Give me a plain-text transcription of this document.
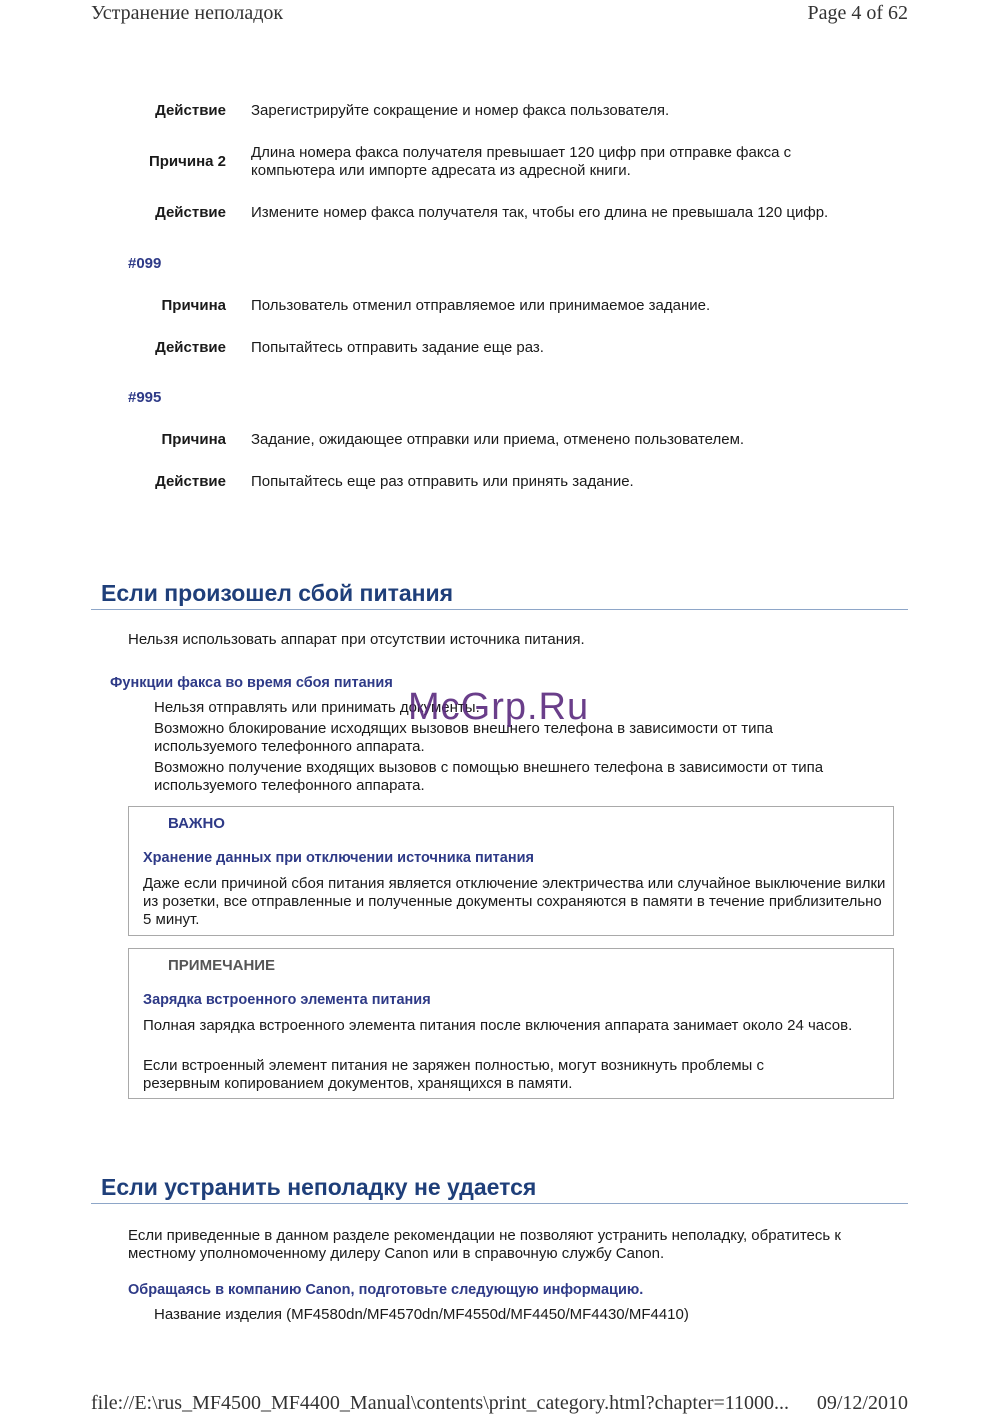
Устранение неполадок	Page 4 of 62
Действие Зарегистрируйте сокращение и номер факса пользователя.
Причина 2
Длина номера факса получателя превышает 120 цифр при отправке факса с компьютера или импорте адресата из адресной книги.
Действие Измените номер факса получателя так, чтобы его длина не превышала 120 цифр.
#099
Причина Пользователь отменил отправляемое или принимаемое задание.
Действие Попытайтесь отправить задание еще раз.
#995
Причина Задание, ожидающее отправки или приема, отменено пользователем.
Действие Попытайтесь еще раз отправить или принять задание.
Если произошел сбой питания
Нельзя использовать аппарат при отсутствии источника питания.
Функции факса во время сбоя питания
Нельзя отправлять или принимать документы.
Возможно блокирование исходящих вызовов внешнего телефона в зависимости от типа используемого телефонного аппарата.
Возможно получение входящих вызовов с помощью внешнего телефона в зависимости от типа используемого телефонного аппарата.
McGrp.Ru
ВАЖНО
Хранение данных при отключении источника питания
Даже если причиной сбоя питания является отключение электричества или случайное выключение вилки из розетки, все отправленные и полученные документы сохраняются в памяти в течение приблизительно 5 минут.
ПРИМЕЧАНИЕ
Зарядка встроенного элемента питания
Полная зарядка встроенного элемента питания после включения аппарата занимает около 24 часов.
Если встроенный элемент питания не заряжен полностью, могут возникнуть проблемы с резервным копированием документов, хранящихся в памяти.
Если устранить неполадку не удается
Если приведенные в данном разделе рекомендации не позволяют устранить неполадку, обратитесь к местному уполномоченному дилеру Canon или в справочную службу Canon.
Обращаясь в компанию Canon, подготовьте следующую информацию.
Название изделия (MF4580dn/MF4570dn/MF4550d/MF4450/MF4430/MF4410)
file://E:\rus_MF4500_MF4400_Manual\contents\print_category.html?chapter=11000... 09/12/2010
